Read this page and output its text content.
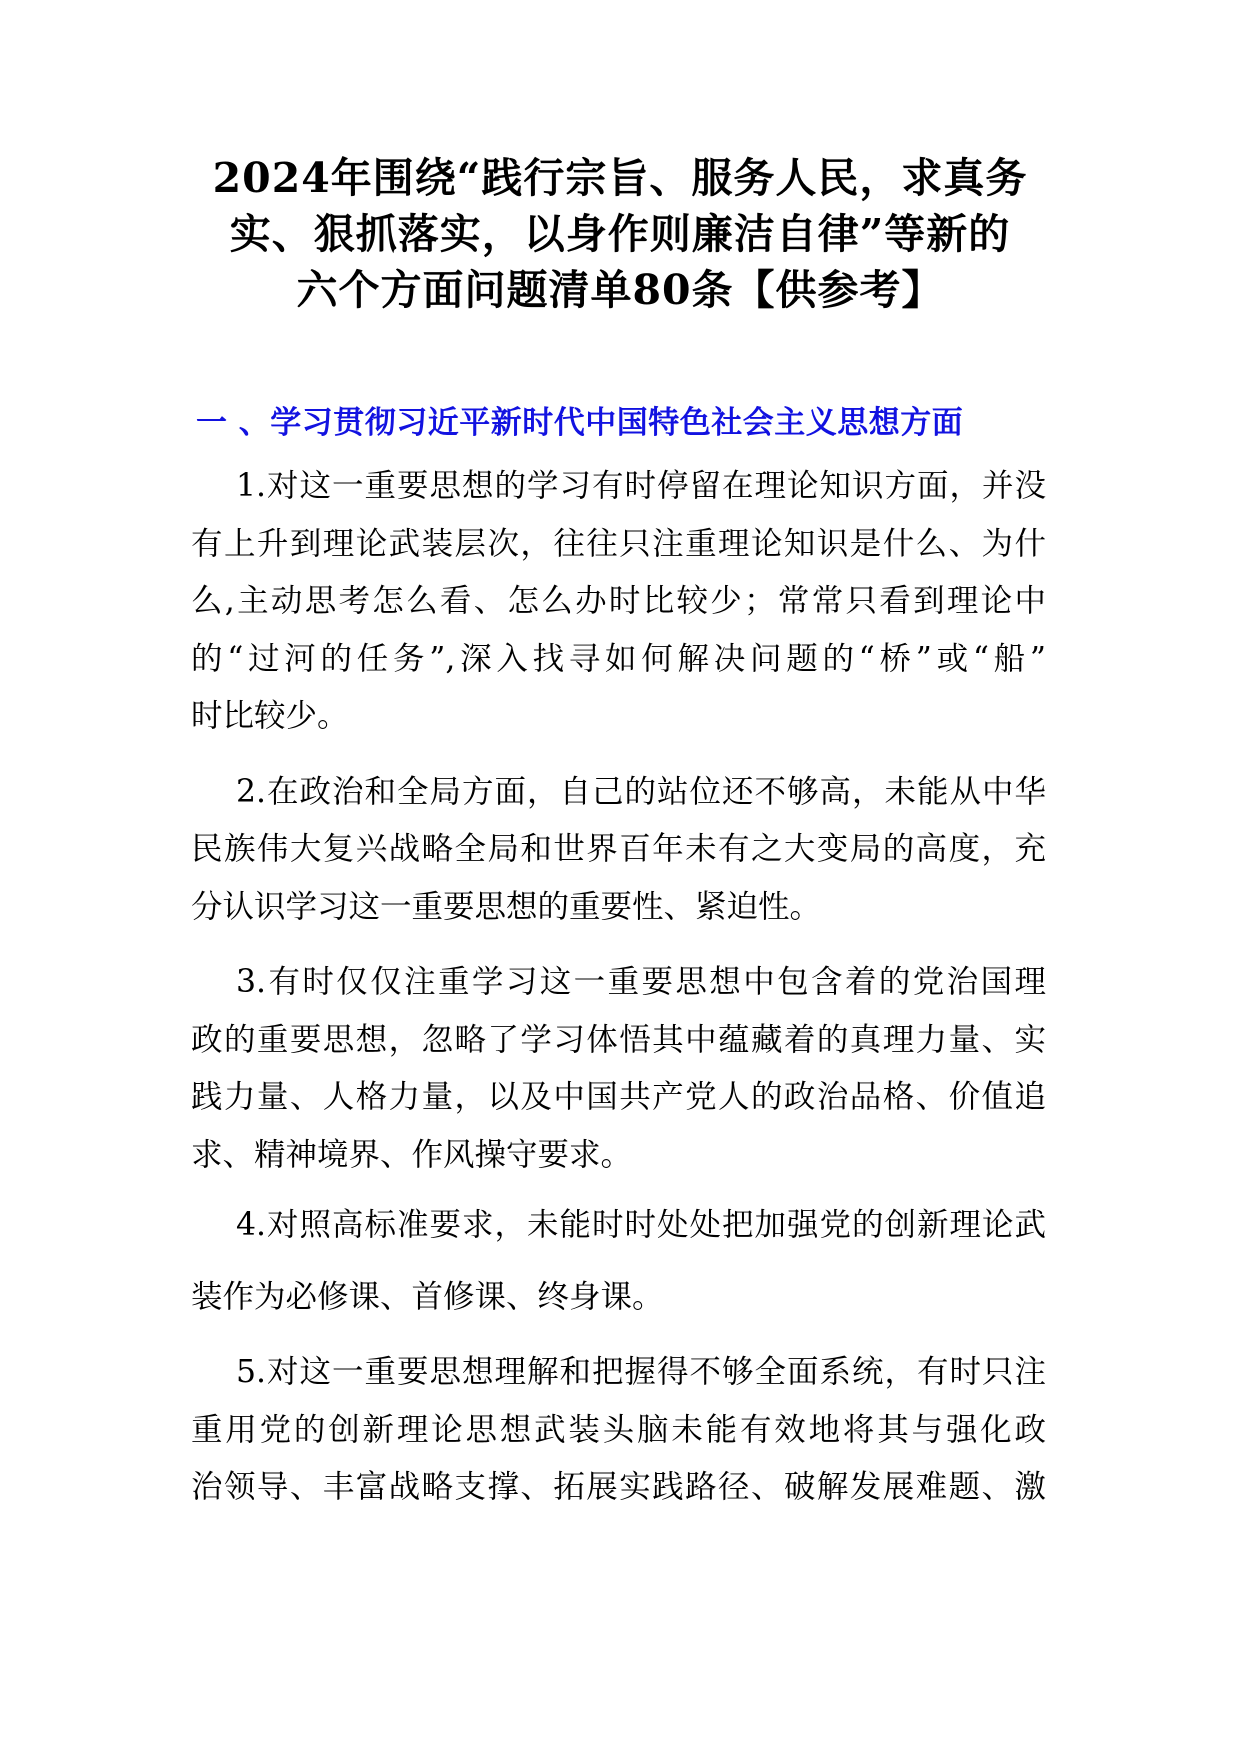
2024年围绕“践行宗旨、服务人民，求真务
实、狠抓落实，以身作则廉洁自律”等新的
六个方面问题清单80条【供参考】
一 、学习贯彻习近平新时代中国特色社会主义思想方面
1.对这一重要思想的学习有时停留在理论知识方面，并没
有上升到理论武装层次，往往只注重理论知识是什么、为什
么,主动思考怎么看、怎么办时比较少；常常只看到理论中
的“过河的任务”,深入找寻如何解决问题的“桥”或“船”
时比较少。
2.在政治和全局方面，自己的站位还不够高，未能从中华
民族伟大复兴战略全局和世界百年未有之大变局的高度，充
分认识学习这一重要思想的重要性、紧迫性。
3.有时仅仅注重学习这一重要思想中包含着的党治国理
政的重要思想，忽略了学习体悟其中蕴藏着的真理力量、实
践力量、人格力量，以及中国共产党人的政治品格、价值追
求、精神境界、作风操守要求。
4.对照高标准要求，未能时时处处把加强党的创新理论武
装作为必修课、首修课、终身课。
5.对这一重要思想理解和把握得不够全面系统，有时只注
重用党的创新理论思想武装头脑未能有效地将其与强化政
治领导、丰富战略支撑、拓展实践路径、破解发展难题、激
